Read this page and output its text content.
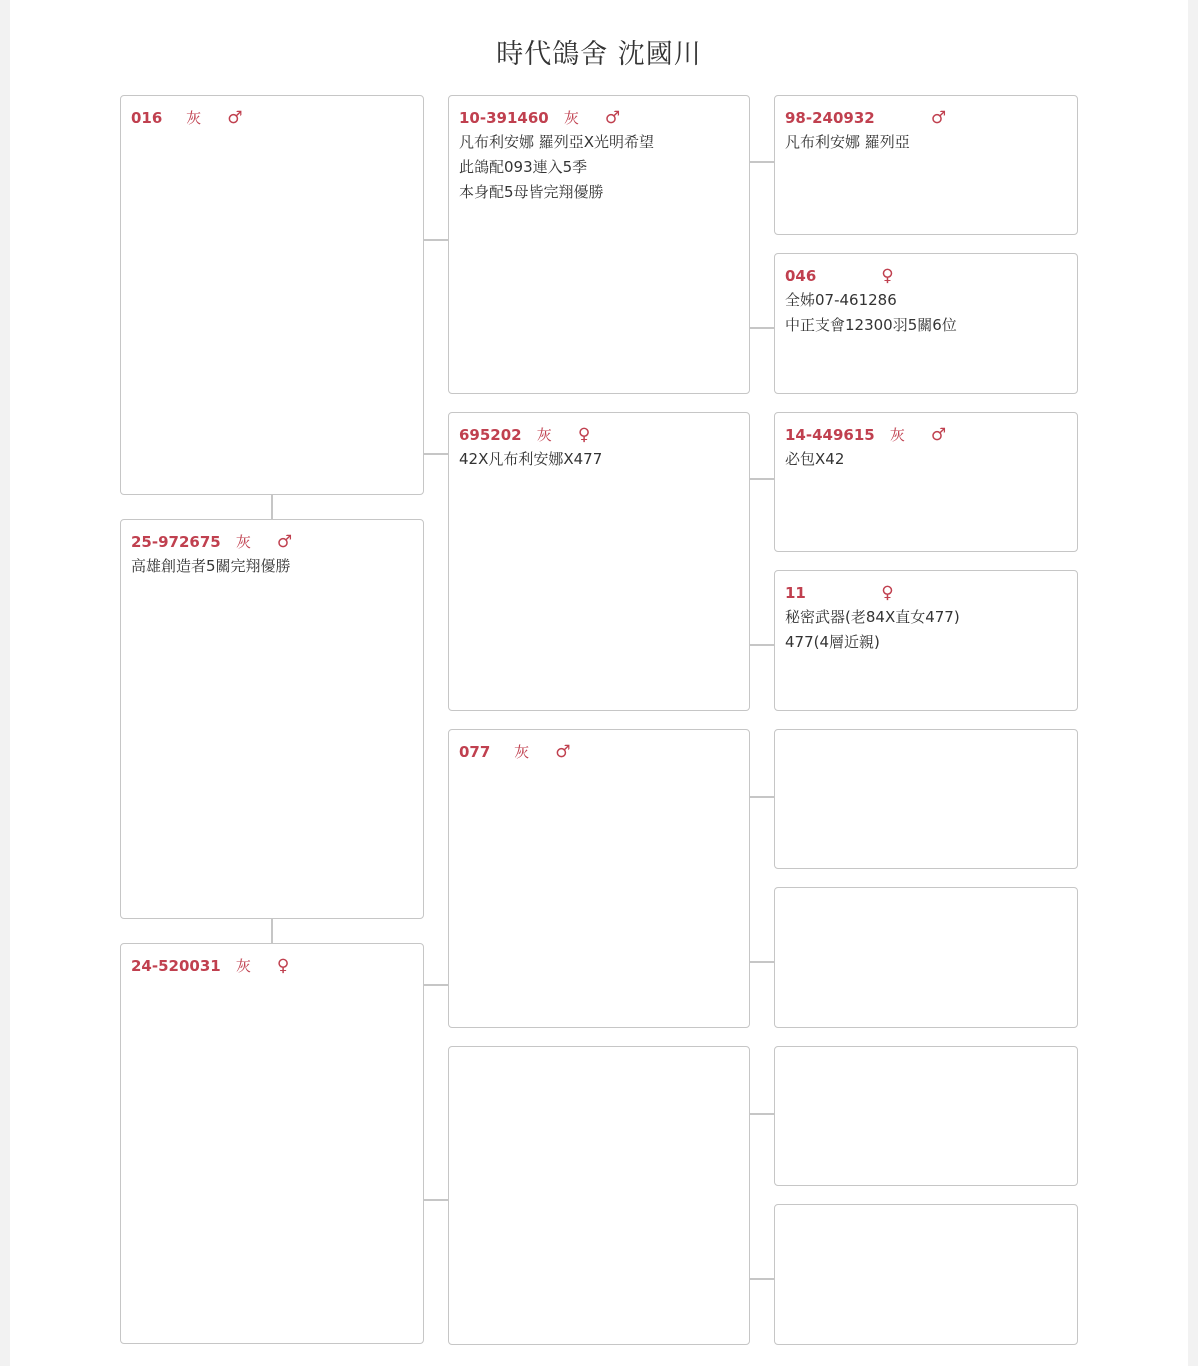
時代鴿舍 沈國川
016 灰 ♂
25-972675 灰 ♂
高雄創造者5關完翔優勝
24-520031 灰 ♀
10-391460 灰 ♂
凡布利安娜 羅列亞X光明希望
此鴿配093連入5季
本身配5母皆完翔優勝
695202 灰 ♀
42X凡布利安娜X477
077 灰 ♂
98-240932	♂
凡布利安娜 羅列亞
046	♀
全姊07-461286
中正支會12300羽5關6位
14-449615 灰 ♂
必包X42
11	♀
秘密武器(老84X直女477)
477(4層近親)
